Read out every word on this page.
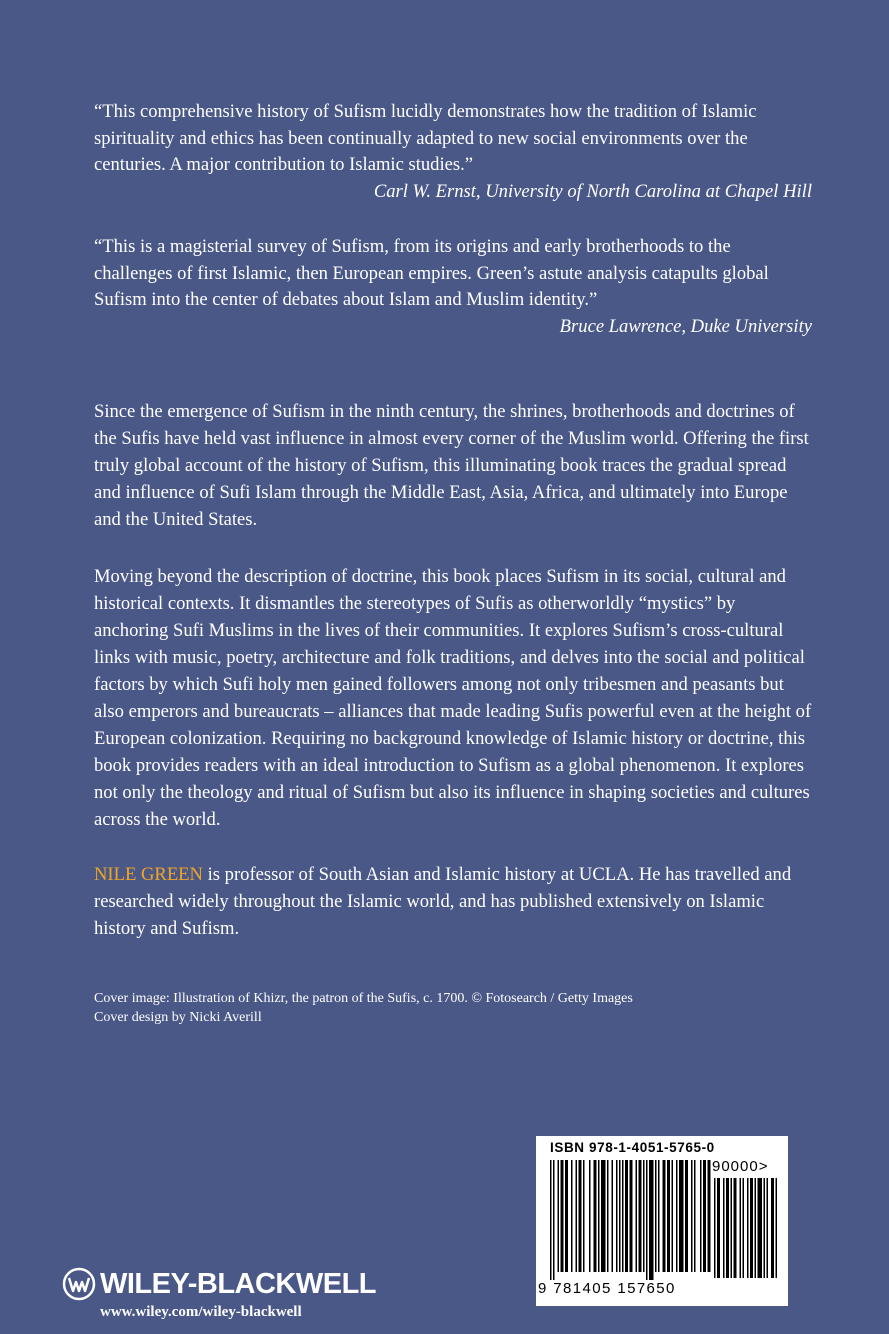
“This comprehensive history of Sufism lucidly demonstrates how the tradition of Islamic spirituality and ethics has been continually adapted to new social environments over the centuries. A major contribution to Islamic studies.”
Carl W. Ernst, University of North Carolina at Chapel Hill
“This is a magisterial survey of Sufism, from its origins and early brotherhoods to the challenges of first Islamic, then European empires. Green’s astute analysis catapults global Sufism into the center of debates about Islam and Muslim identity.”
Bruce Lawrence, Duke University
Since the emergence of Sufism in the ninth century, the shrines, brotherhoods and doctrines of the Sufis have held vast influence in almost every corner of the Muslim world. Offering the first truly global account of the history of Sufism, this illuminating book traces the gradual spread and influence of Sufi Islam through the Middle East, Asia, Africa, and ultimately into Europe and the United States.
Moving beyond the description of doctrine, this book places Sufism in its social, cultural and historical contexts. It dismantles the stereotypes of Sufis as otherworldly “mystics” by anchoring Sufi Muslims in the lives of their communities. It explores Sufism’s cross-cultural links with music, poetry, architecture and folk traditions, and delves into the social and political factors by which Sufi holy men gained followers among not only tribesmen and peasants but also emperors and bureaucrats – alliances that made leading Sufis powerful even at the height of European colonization. Requiring no background knowledge of Islamic history or doctrine, this book provides readers with an ideal introduction to Sufism as a global phenomenon. It explores not only the theology and ritual of Sufism but also its influence in shaping societies and cultures across the world.
NILE GREEN is professor of South Asian and Islamic history at UCLA. He has travelled and researched widely throughout the Islamic world, and has published extensively on Islamic history and Sufism.
Cover image: Illustration of Khizr, the patron of the Sufis, c. 1700. © Fotosearch / Getty Images
Cover design by Nicki Averill
ISBN 978-1-4051-5765-0
90000>
9 781405 157650
WILEY-BLACKWELL
www.wiley.com/wiley-blackwell
